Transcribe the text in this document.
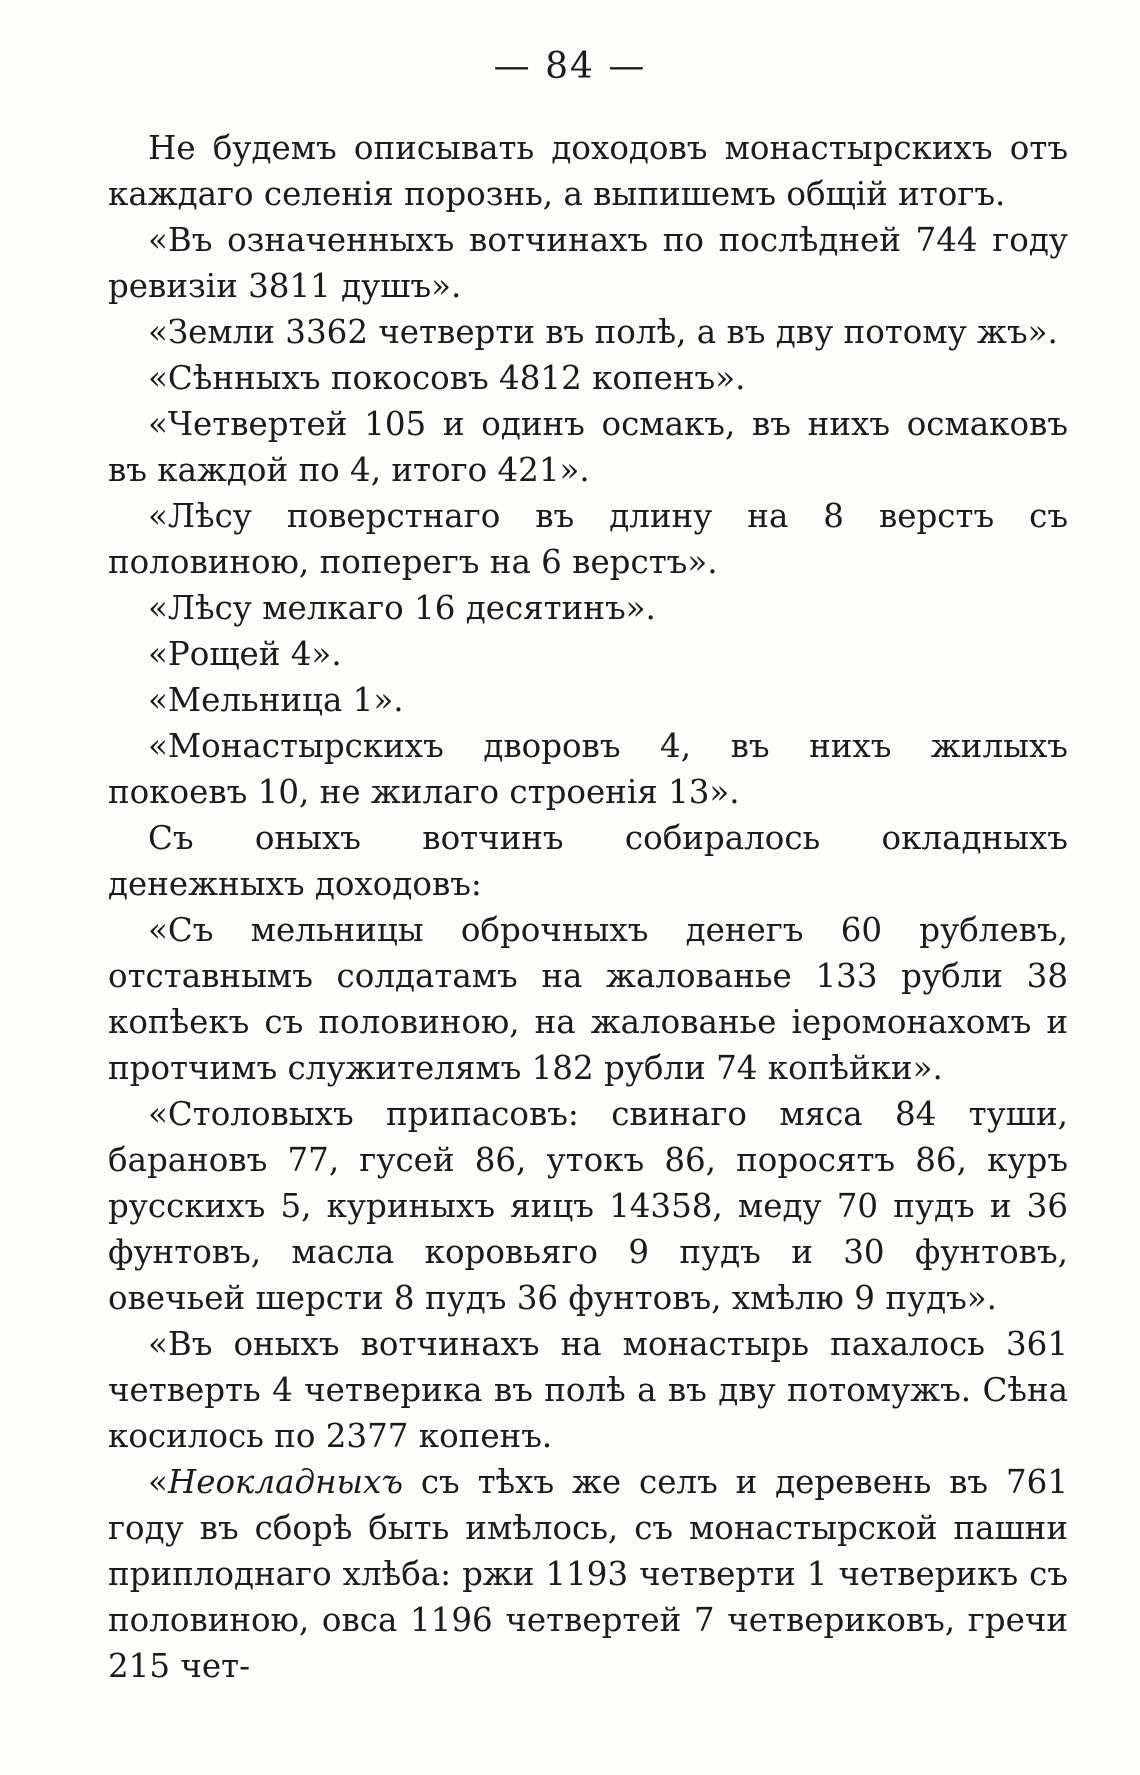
— 84 —

Не будемъ описывать доходовъ монастырскихъ отъ каждаго селенія порознь, а выпишемъ общій итогъ.

«Въ означенныхъ вотчинахъ по послѣдней 744 году ревизіи 3811 душъ».

«Земли 3362 четверти въ полѣ, а въ дву потому жъ».

«Сѣнныхъ покосовъ 4812 копенъ».

«Четвертей 105 и одинъ осмакъ, въ нихъ осмаковъ въ каждой по 4, итого 421».

«Лѣсу поверстнаго въ длину на 8 верстъ съ половиною, поперегъ на 6 верстъ».

«Лѣсу мелкаго 16 десятинъ».

«Рощей 4».

«Мельница 1».

«Монастырскихъ дворовъ 4, въ нихъ жилыхъ покоевъ 10, не жилаго строенія 13».

Съ оныхъ вотчинъ собиралось окладныхъ денежныхъ доходовъ:

«Съ мельницы оброчныхъ денегъ 60 рублевъ, отставнымъ солдатамъ на жалованье 133 рубли 38 копѣекъ съ половиною, на жалованье іеромонахомъ и протчимъ служителямъ 182 рубли 74 копѣйки».

«Столовыхъ припасовъ: свинаго мяса 84 туши, барановъ 77, гусей 86, утокъ 86, поросятъ 86, куръ русскихъ 5, куриныхъ яицъ 14358, меду 70 пудъ и 36 фунтовъ, масла коровьяго 9 пудъ и 30 фунтовъ, овечьей шерсти 8 пудъ 36 фунтовъ, хмѣлю 9 пудъ».

«Въ оныхъ вотчинахъ на монастырь пахалось 361 четверть 4 четверика въ полѣ а въ дву потомужъ. Сѣна косилось по 2377 копенъ.

«Неокладныхъ съ тѣхъ же селъ и деревень въ 761 году въ сборѣ быть имѣлось, съ монастырской пашни приплоднаго хлѣба: ржи 1193 четверти 1 четверикъ съ половиною, овса 1196 четвертей 7 четвериковъ, гречи 215 чет-
